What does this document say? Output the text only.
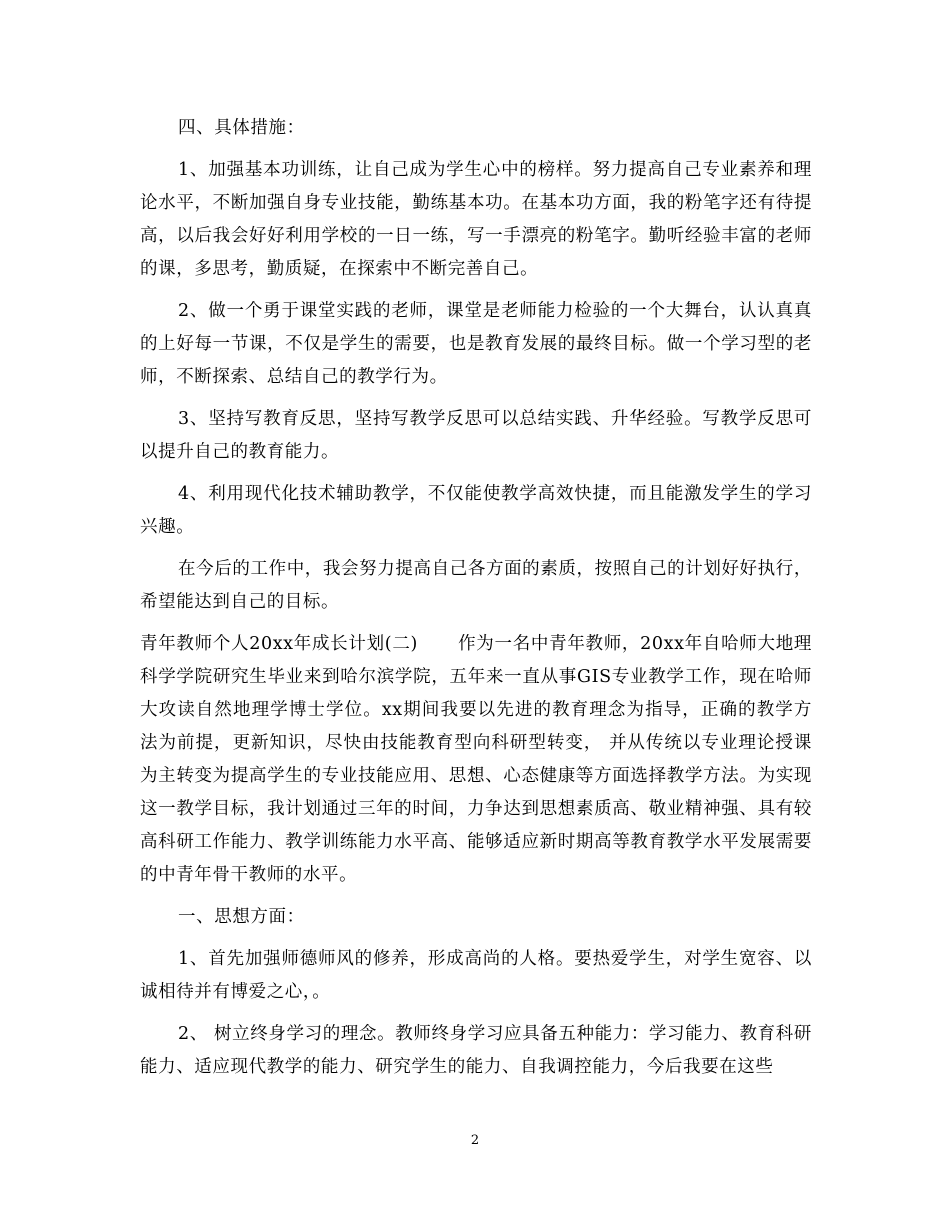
四、具体措施：

1、加强基本功训练，让自己成为学生心中的榜样。努力提高自己专业素养和理论水平，不断加强自身专业技能，勤练基本功。在基本功方面，我的粉笔字还有待提高，以后我会好好利用学校的一日一练，写一手漂亮的粉笔字。勤听经验丰富的老师的课，多思考，勤质疑，在探索中不断完善自己。

2、做一个勇于课堂实践的老师，课堂是老师能力检验的一个大舞台，认认真真的上好每一节课，不仅是学生的需要，也是教育发展的最终目标。做一个学习型的老师，不断探索、总结自己的教学行为。

3、坚持写教育反思，坚持写教学反思可以总结实践、升华经验。写教学反思可以提升自己的教育能力。

4、利用现代化技术辅助教学，不仅能使教学高效快捷，而且能激发学生的学习兴趣。

在今后的工作中，我会努力提高自己各方面的素质，按照自己的计划好好执行，希望能达到自己的目标。

青年教师个人20xx年成长计划(二) 作为一名中青年教师，20xx年自哈师大地理科学学院研究生毕业来到哈尔滨学院，五年来一直从事GIS专业教学工作，现在哈师大攻读自然地理学博士学位。xx期间我要以先进的教育理念为指导，正确的教学方法为前提，更新知识，尽快由技能教育型向科研型转变， 并从传统以专业理论授课为主转变为提高学生的专业技能应用、思想、心态健康等方面选择教学方法。为实现这一教学目标，我计划通过三年的时间，力争达到思想素质高、敬业精神强、具有较高科研工作能力、教学训练能力水平高、能够适应新时期高等教育教学水平发展需要的中青年骨干教师的水平。

一、思想方面：

1、首先加强师德师风的修养，形成高尚的人格。要热爱学生，对学生宽容、以诚相待并有博爱之心，。

2、 树立终身学习的理念。教师终身学习应具备五种能力：学习能力、教育科研能力、适应现代教学的能力、研究学生的能力、自我调控能力，今后我要在这些

2
